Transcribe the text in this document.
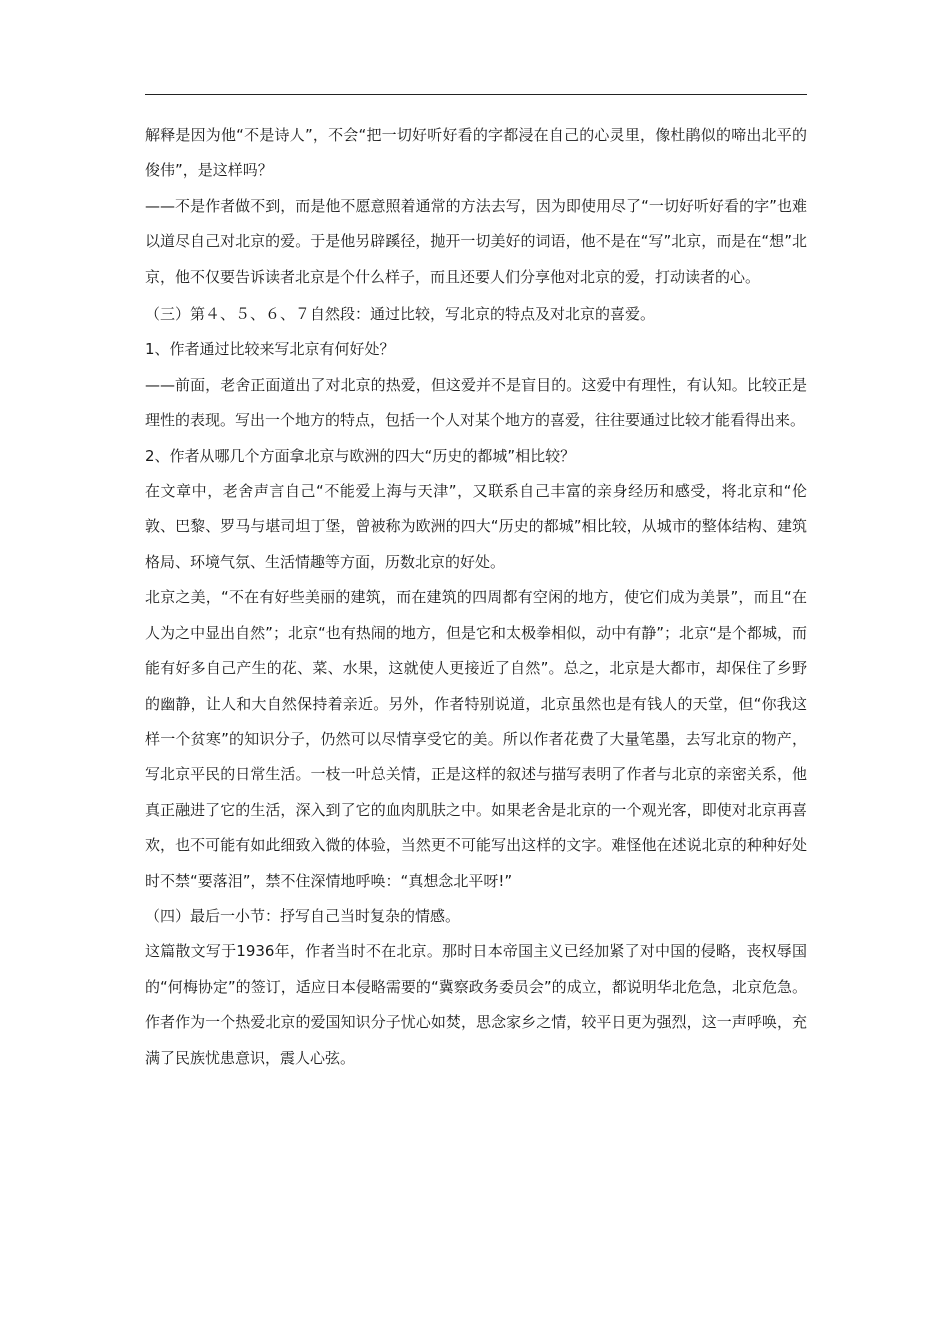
解释是因为他“不是诗人”，不会“把一切好听好看的字都浸在自己的心灵里，像杜鹃似的啼出北平的俊伟”，是这样吗？

——不是作者做不到，而是他不愿意照着通常的方法去写，因为即使用尽了“一切好听好看的字”也难以道尽自己对北京的爱。于是他另辟蹊径，抛开一切美好的词语，他不是在“写”北京，而是在“想”北京，他不仅要告诉读者北京是个什么样子，而且还要人们分享他对北京的爱，打动读者的心。

（三）第４、５、６、７自然段：通过比较，写北京的特点及对北京的喜爱。

1、作者通过比较来写北京有何好处？

——前面，老舍正面道出了对北京的热爱，但这爱并不是盲目的。这爱中有理性，有认知。比较正是理性的表现。写出一个地方的特点，包括一个人对某个地方的喜爱，往往要通过比较才能看得出来。

2、作者从哪几个方面拿北京与欧洲的四大“历史的都城”相比较？

在文章中，老舍声言自己“不能爱上海与天津”，又联系自己丰富的亲身经历和感受，将北京和“伦敦、巴黎、罗马与堪司坦丁堡，曾被称为欧洲的四大“历史的都城”相比较，从城市的整体结构、建筑格局、环境气氛、生活情趣等方面，历数北京的好处。

北京之美，“不在有好些美丽的建筑，而在建筑的四周都有空闲的地方，使它们成为美景”，而且“在人为之中显出自然”；北京“也有热闹的地方，但是它和太极拳相似，动中有静”；北京“是个都城，而能有好多自己产生的花、菜、水果，这就使人更接近了自然”。总之，北京是大都市，却保住了乡野的幽静，让人和大自然保持着亲近。另外，作者特别说道，北京虽然也是有钱人的天堂，但“你我这样一个贫寒”的知识分子，仍然可以尽情享受它的美。所以作者花费了大量笔墨，去写北京的物产，写北京平民的日常生活。一枝一叶总关情，正是这样的叙述与描写表明了作者与北京的亲密关系，他真正融进了它的生活，深入到了它的血肉肌肤之中。如果老舍是北京的一个观光客，即使对北京再喜欢，也不可能有如此细致入微的体验，当然更不可能写出这样的文字。难怪他在述说北京的种种好处时不禁“要落泪”，禁不住深情地呼唤：“真想念北平呀!”

（四）最后一小节：抒写自己当时复杂的情感。

这篇散文写于1936年，作者当时不在北京。那时日本帝国主义已经加紧了对中国的侵略，丧权辱国的“何梅协定”的签订，适应日本侵略需要的“冀察政务委员会”的成立，都说明华北危急，北京危急。作者作为一个热爱北京的爱国知识分子忧心如焚，思念家乡之情，较平日更为强烈，这一声呼唤，充满了民族忧患意识，震人心弦。
